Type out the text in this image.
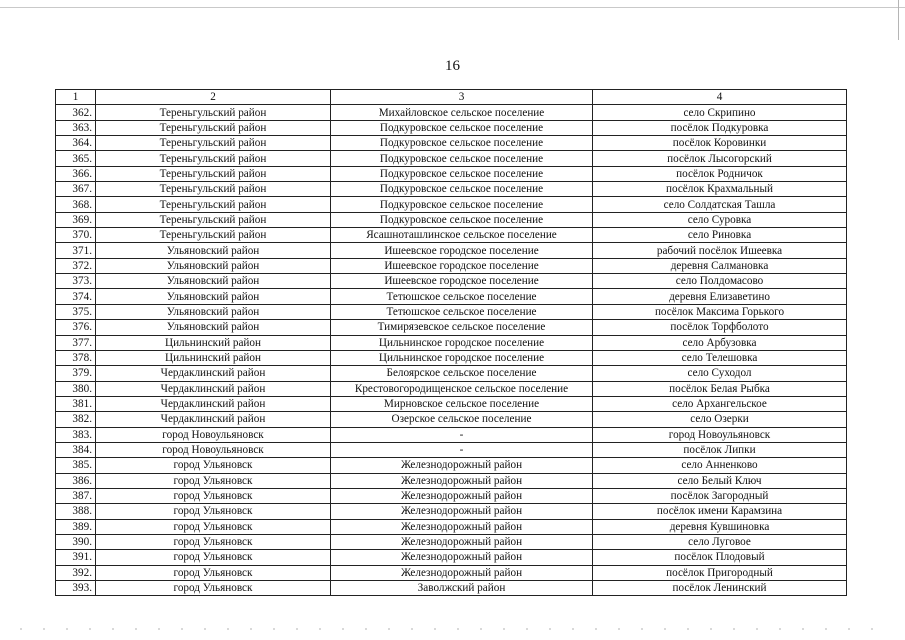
16
1	2	3	4
362.	Тереньгульский район	Михайловское сельское поселение	село Скрипино
363.	Тереньгульский район	Подкуровское сельское поселение	посёлок Подкуровка
364.	Тереньгульский район	Подкуровское сельское поселение	посёлок Коровинки
365.	Тереньгульский район	Подкуровское сельское поселение	посёлок Лысогорский
366.	Тереньгульский район	Подкуровское сельское поселение	посёлок Родничок
367.	Тереньгульский район	Подкуровское сельское поселение	посёлок Крахмальный
368.	Тереньгульский район	Подкуровское сельское поселение	село Солдатская Ташла
369.	Тереньгульский район	Подкуровское сельское поселение	село Суровка
370.	Тереньгульский район	Ясашноташлинское сельское поселение	село Риновка
371.	Ульяновский район	Ишеевское городское поселение	рабочий посёлок Ишеевка
372.	Ульяновский район	Ишеевское городское поселение	деревня Салмановка
373.	Ульяновский район	Ишеевское городское поселение	село Полдомасово
374.	Ульяновский район	Тетюшское сельское поселение	деревня Елизаветино
375.	Ульяновский район	Тетюшское сельское поселение	посёлок Максима Горького
376.	Ульяновский район	Тимирязевское сельское поселение	посёлок Торфболото
377.	Цильнинский район	Цильнинское городское поселение	село Арбузовка
378.	Цильнинский район	Цильнинское городское поселение	село Телешовка
379.	Чердаклинский район	Белоярское сельское поселение	село Суходол
380.	Чердаклинский район	Крестовогородищенское сельское поселение	посёлок Белая Рыбка
381.	Чердаклинский район	Мирновское сельское поселение	село Архангельское
382.	Чердаклинский район	Озерское сельское поселение	село Озерки
383.	город Новоульяновск	-	город Новоульяновск
384.	город Новоульяновск	-	посёлок Липки
385.	город Ульяновск	Железнодорожный район	село Анненково
386.	город Ульяновск	Железнодорожный район	село Белый Ключ
387.	город Ульяновск	Железнодорожный район	посёлок Загородный
388.	город Ульяновск	Железнодорожный район	посёлок имени Карамзина
389.	город Ульяновск	Железнодорожный район	деревня Кувшиновка
390.	город Ульяновск	Железнодорожный район	село Луговое
391.	город Ульяновск	Железнодорожный район	посёлок Плодовый
392.	город Ульяновск	Железнодорожный район	посёлок Пригородный
393.	город Ульяновск	Заволжский район	посёлок Ленинский
